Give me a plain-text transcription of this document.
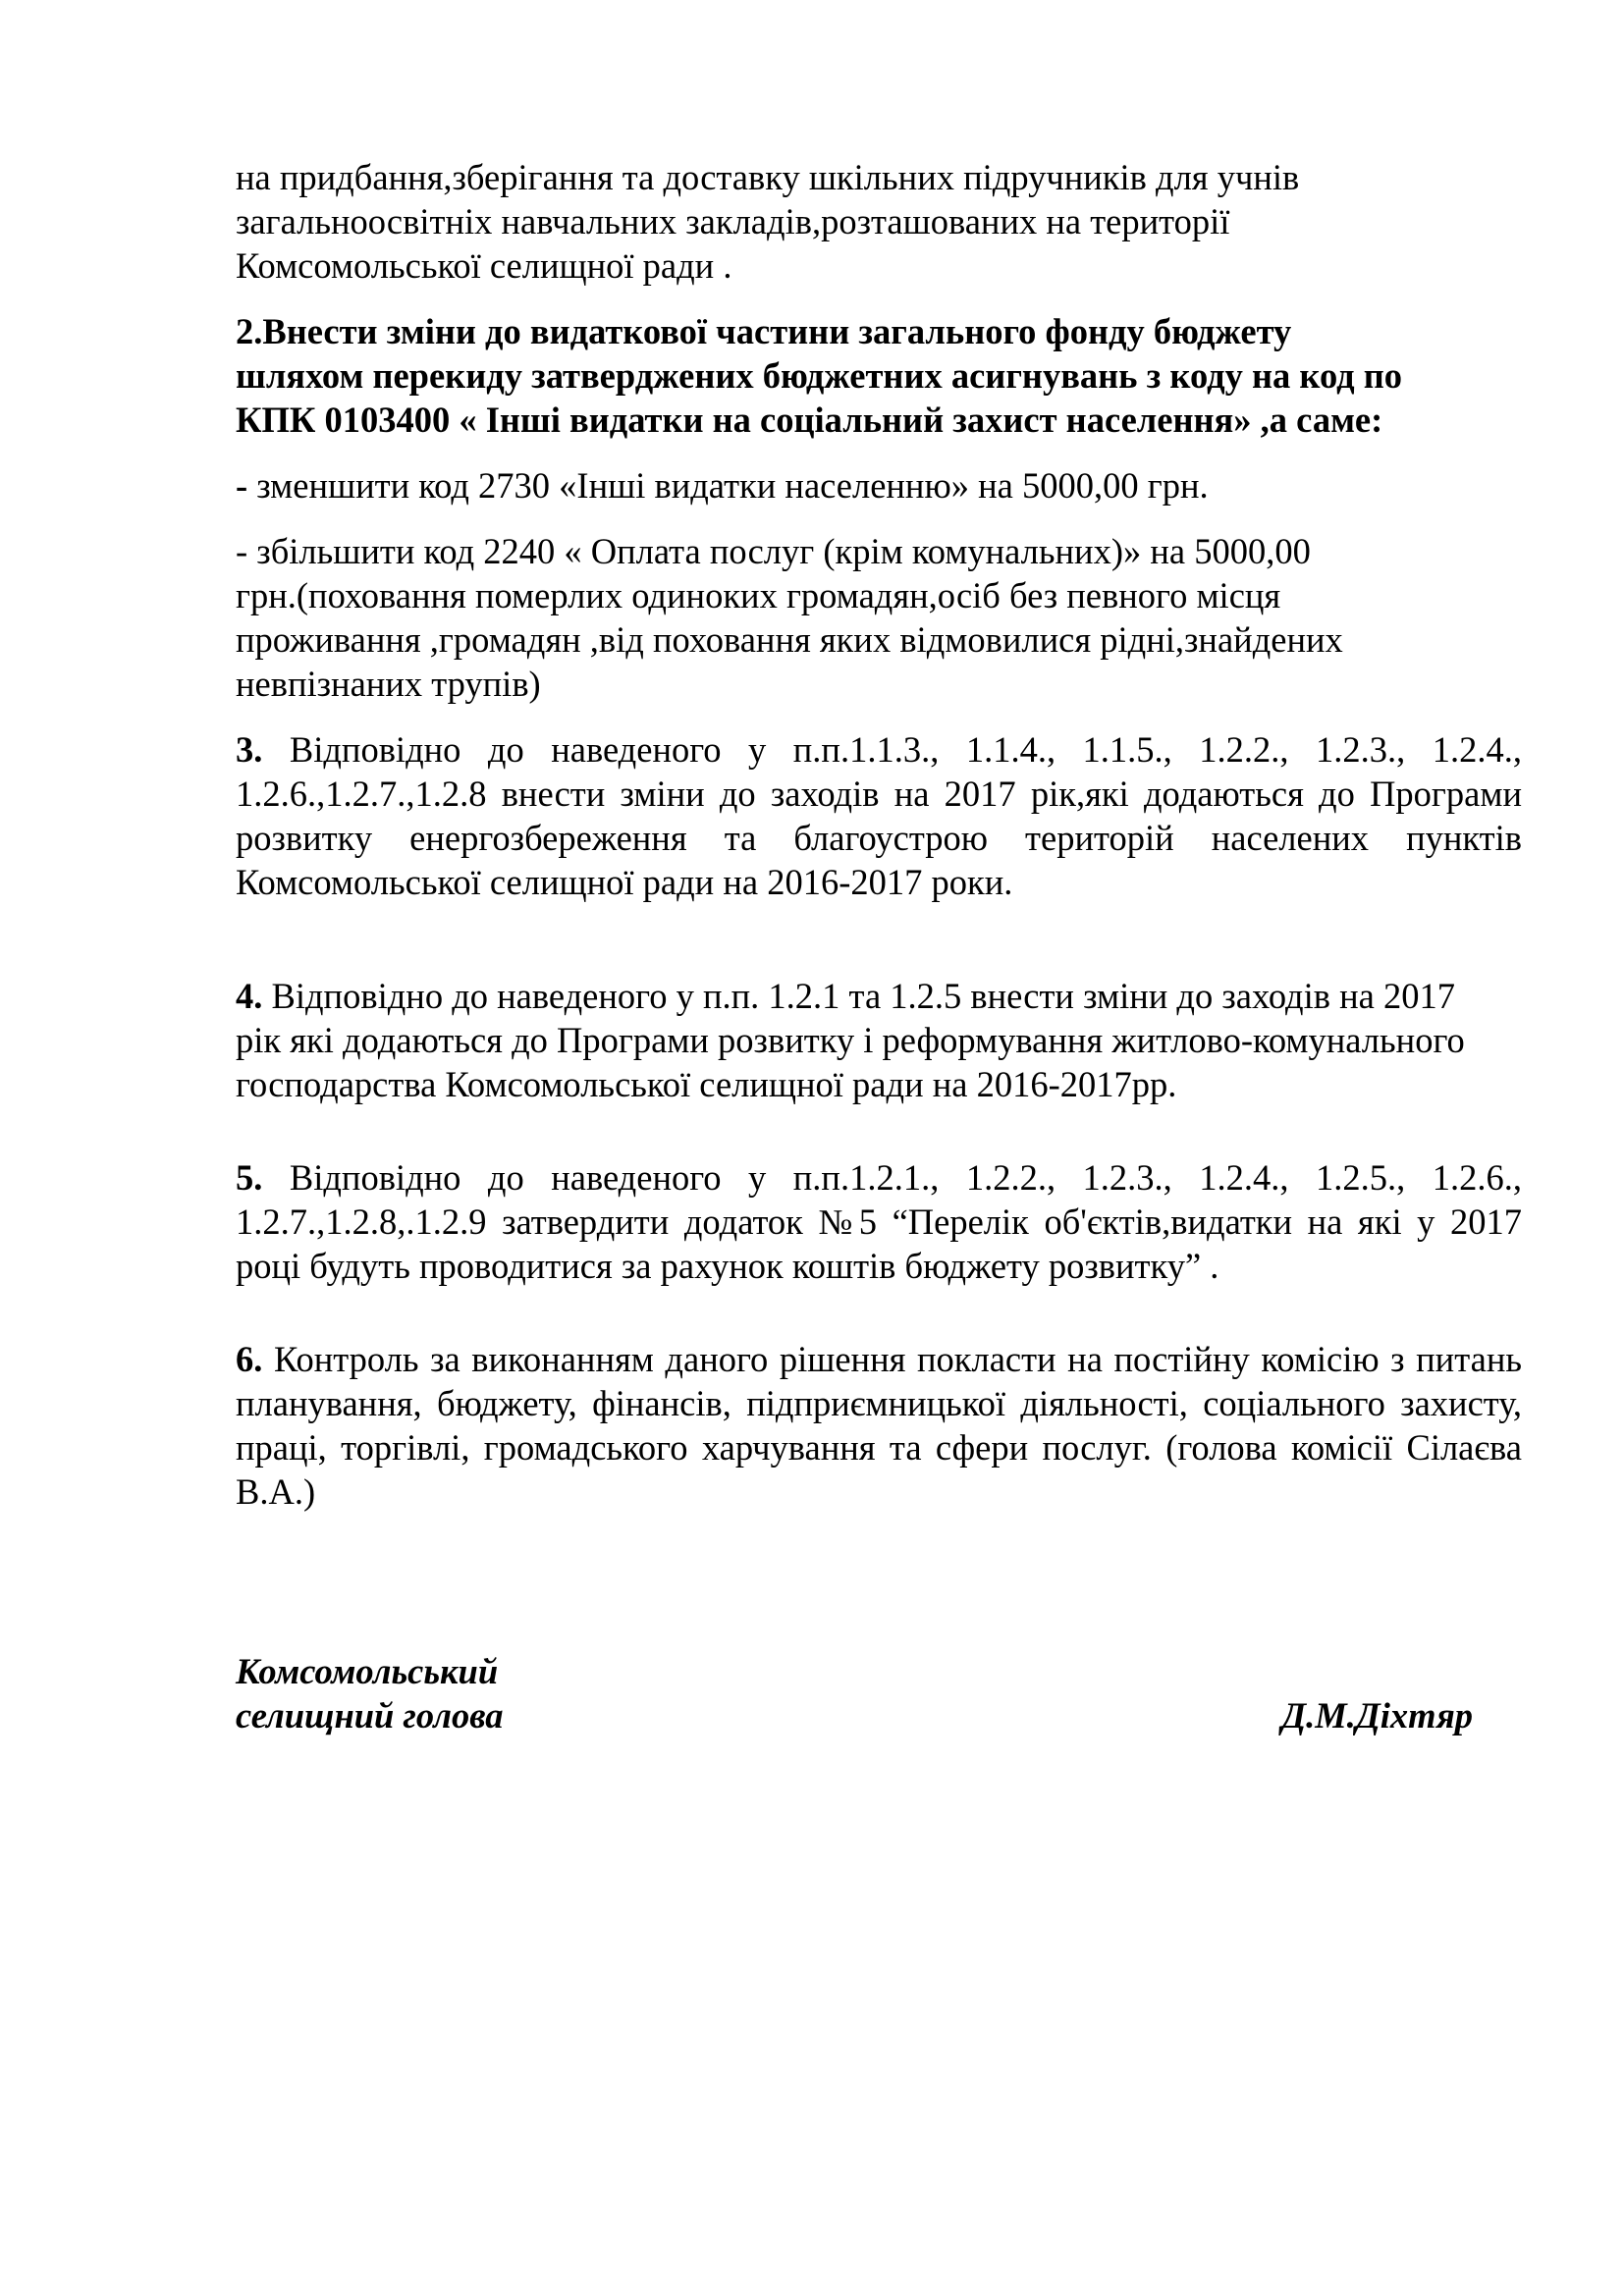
на придбання,зберігання та доставку шкільних підручників для учнів
загальноосвітніх навчальних закладів,розташованих на території
Комсомольської селищної ради .
2.Внести зміни до видаткової частини загального фонду бюджету
шляхом перекиду затверджених бюджетних асигнувань з коду на код по
КПК 0103400 « Інші видатки на соціальний захист населення» ,а саме:
- зменшити код 2730 «Інші видатки населенню» на 5000,00 грн.
- збільшити код 2240 « Оплата послуг (крім комунальних)» на 5000,00
грн.(поховання померлих одиноких громадян,осіб без певного місця
проживання ,громадян ,від поховання яких відмовилися рідні,знайдених
невпізнаних трупів)
3. Відповідно до наведеного у п.п.1.1.3., 1.1.4., 1.1.5., 1.2.2., 1.2.3., 1.2.4., 1.2.6.,1.2.7.,1.2.8 внести зміни до заходів на 2017 рік,які додаються до Програми розвитку енергозбереження та благоустрою територій населених пунктів Комсомольської селищної ради на 2016-2017 роки.
4. Відповідно до наведеного у п.п. 1.2.1 та 1.2.5 внести зміни до заходів на 2017
рік які додаються до Програми розвитку і реформування житлово-комунального
господарства Комсомольської селищної ради на 2016-2017рр.
5. Відповідно до наведеного у п.п.1.2.1., 1.2.2., 1.2.3., 1.2.4., 1.2.5., 1.2.6., 1.2.7.,1.2.8,.1.2.9 затвердити додаток №5 “Перелік об'єктів,видатки на які у 2017 році будуть проводитися за рахунок коштів бюджету розвитку” .
6. Контроль за виконанням даного рішення покласти на постійну комісію з питань планування, бюджету, фінансів, підприємницької діяльності, соціального захисту, праці, торгівлі, громадського харчування та сфери послуг. (голова комісії Сілаєва В.А.)
Комсомольський
селищний голова	Д.М.Діхтяр
